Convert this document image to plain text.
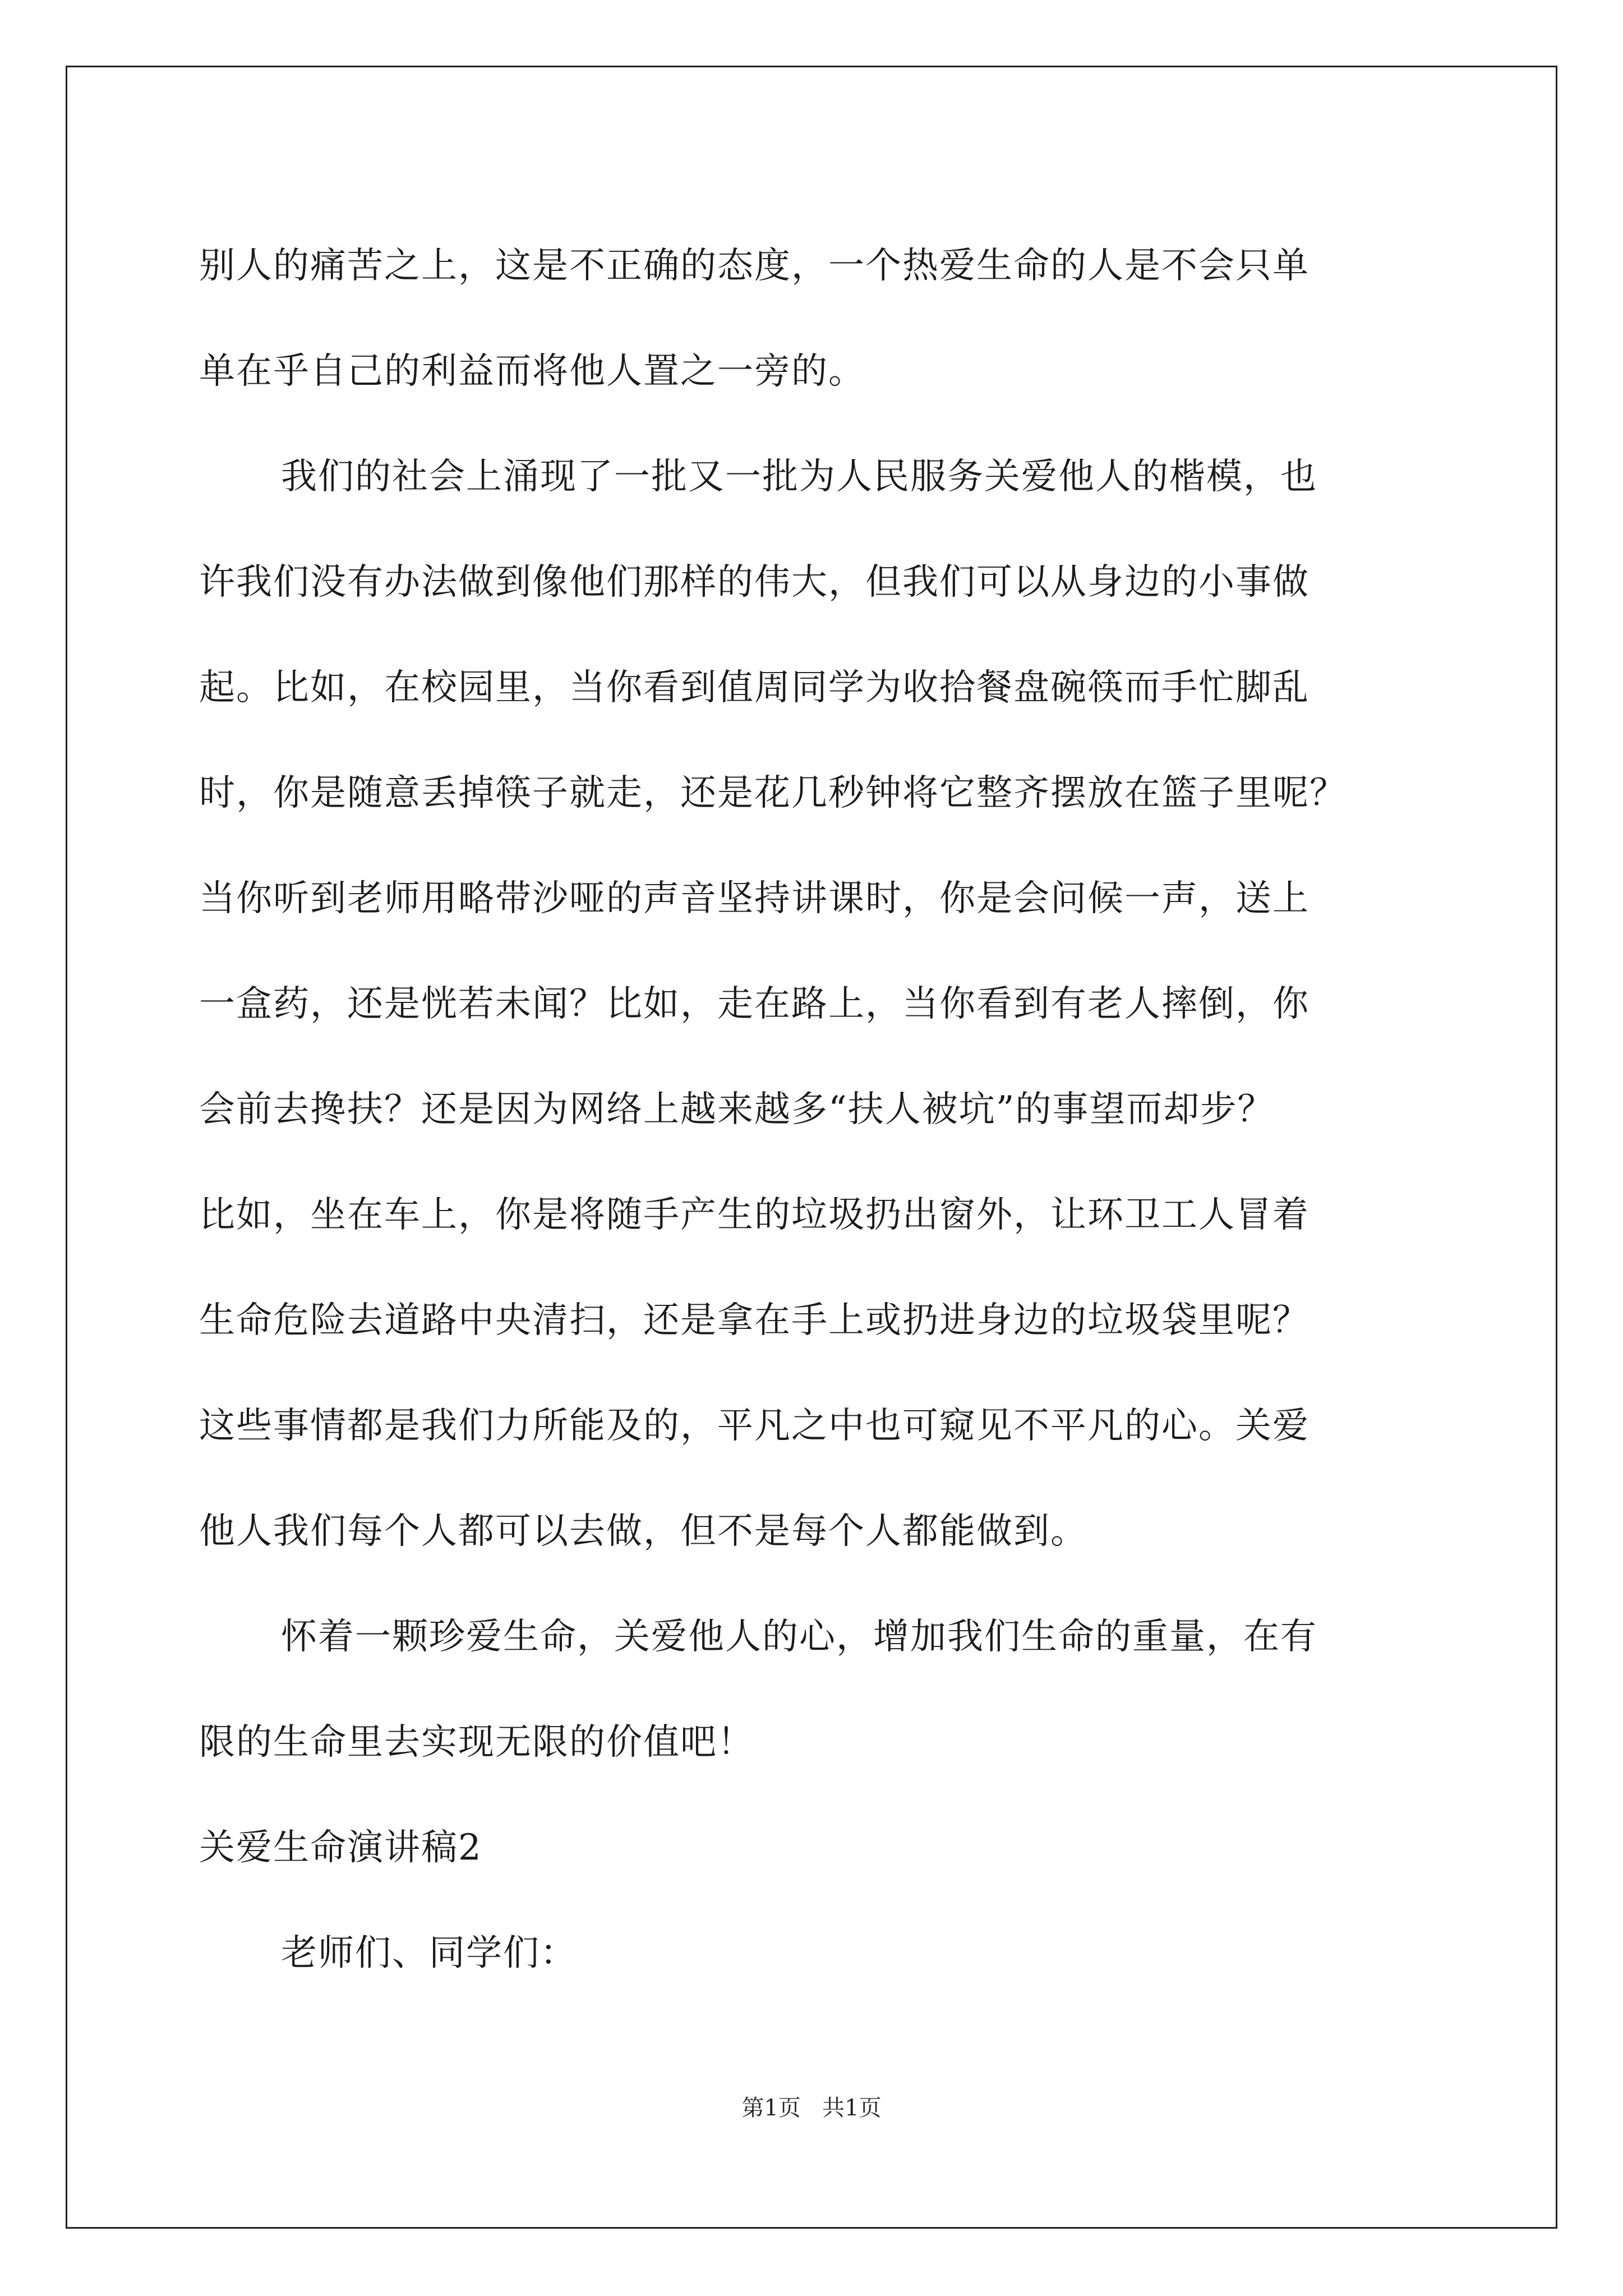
别人的痛苦之上，这是不正确的态度，一个热爱生命的人是不会只单
单在乎自己的利益而将他人置之一旁的。
我们的社会上涌现了一批又一批为人民服务关爱他人的楷模，也
许我们没有办法做到像他们那样的伟大，但我们可以从身边的小事做
起。比如，在校园里，当你看到值周同学为收拾餐盘碗筷而手忙脚乱
时，你是随意丢掉筷子就走，还是花几秒钟将它整齐摆放在篮子里呢？
当你听到老师用略带沙哑的声音坚持讲课时，你是会问候一声，送上
一盒药，还是恍若未闻？比如，走在路上，当你看到有老人摔倒，你
会前去搀扶？还是因为网络上越来越多“扶人被坑”的事望而却步？
比如，坐在车上，你是将随手产生的垃圾扔出窗外，让环卫工人冒着
生命危险去道路中央清扫，还是拿在手上或扔进身边的垃圾袋里呢？
这些事情都是我们力所能及的，平凡之中也可窥见不平凡的心。关爱
他人我们每个人都可以去做，但不是每个人都能做到。
怀着一颗珍爱生命，关爱他人的心，增加我们生命的重量，在有
限的生命里去实现无限的价值吧！
关爱生命演讲稿2
老师们、同学们：
第1页   共1页
